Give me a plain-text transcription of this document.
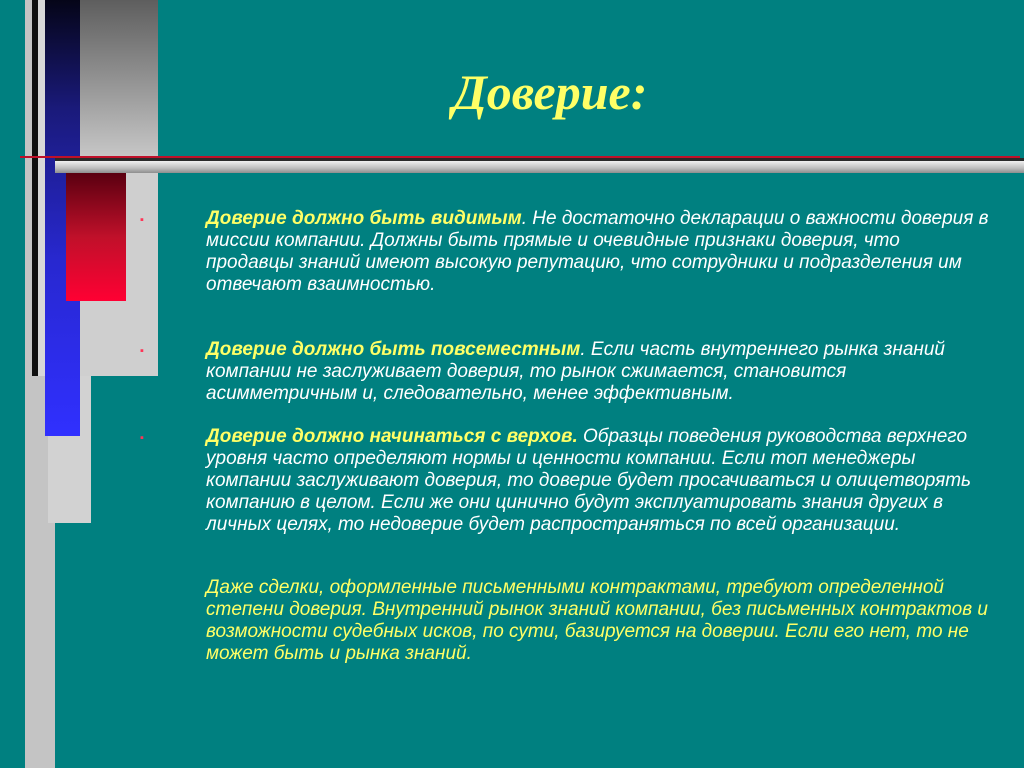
Доверие:
▪	Доверие должно быть видимым. Не достаточно декларации о важности доверия в миссии компании. Должны быть прямые и очевидные признаки доверия, что продавцы знаний имеют высокую репутацию, что сотрудники и подразделения им отвечают взаимностью.
▪	Доверие должно быть повсеместным. Если часть внутреннего рынка знаний компании не заслуживает доверия, то рынок сжимается, становится асимметричным и, следовательно, менее эффективным.
▪	Доверие должно начинаться с верхов. Образцы поведения руководства верхнего уровня часто определяют нормы и ценности компании. Если топ менеджеры компании заслуживают доверия, то доверие будет просачиваться и олицетворять компанию в целом. Если же они цинично будут эксплуатировать знания других в личных целях, то недоверие будет распространяться по всей организации.
Даже сделки, оформленные письменными контрактами, требуют определенной степени доверия. Внутренний рынок знаний компании, без письменных контрактов и возможности судебных исков, по сути, базируется на доверии. Если его нет, то не может быть и рынка знаний.
